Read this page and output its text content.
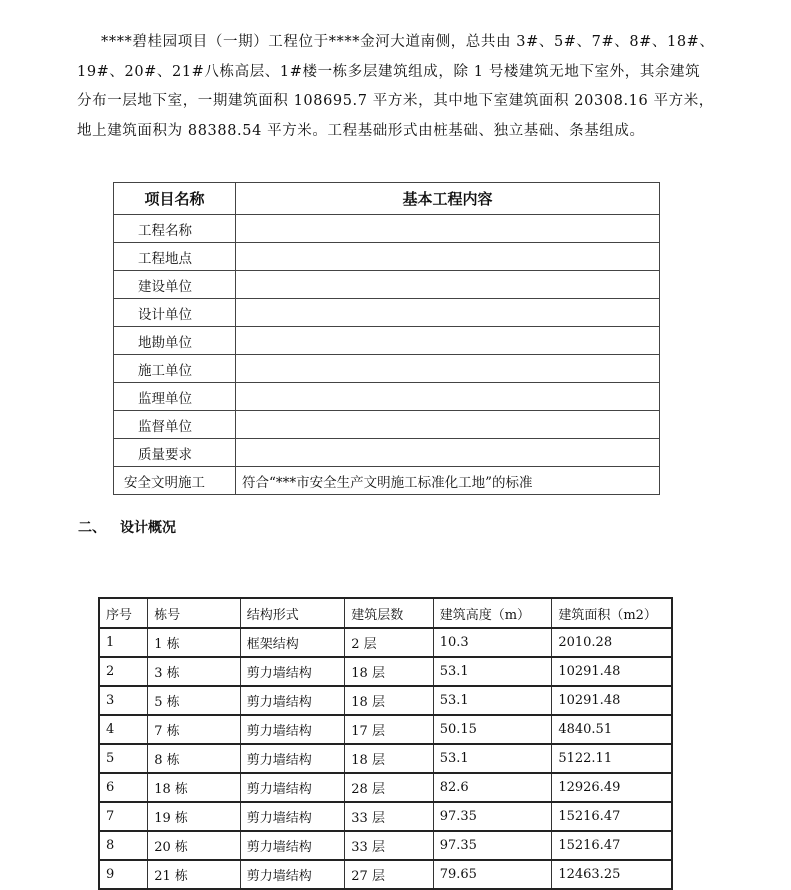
****碧桂园项目（一期）工程位于****金河大道南侧，总共由 3#、5#、7#、8#、18#、
19#、20#、21#八栋高层、1#楼一栋多层建筑组成，除 1 号楼建筑无地下室外，其余建筑
分布一层地下室，一期建筑面积 108695.7 平方米，其中地下室建筑面积 20308.16 平方米，
地上建筑面积为 88388.54 平方米。工程基础形式由桩基础、独立基础、条基组成。
项目名称	基本工程内容
工程名称	
工程地点	
建设单位	
设计单位	
地勘单位	
施工单位	
监理单位	
监督单位	
质量要求	
安全文明施工	符合“***市安全生产文明施工标准化工地”的标准
二、 设计概况
序号	栋号	结构形式	建筑层数	建筑高度（m）	建筑面积（m2）
1	1 栋	框架结构	2 层	10.3	2010.28
2	3 栋	剪力墙结构	18 层	53.1	10291.48
3	5 栋	剪力墙结构	18 层	53.1	10291.48
4	7 栋	剪力墙结构	17 层	50.15	4840.51
5	8 栋	剪力墙结构	18 层	53.1	5122.11
6	18 栋	剪力墙结构	28 层	82.6	12926.49
7	19 栋	剪力墙结构	33 层	97.35	15216.47
8	20 栋	剪力墙结构	33 层	97.35	15216.47
9	21 栋	剪力墙结构	27 层	79.65	12463.25
